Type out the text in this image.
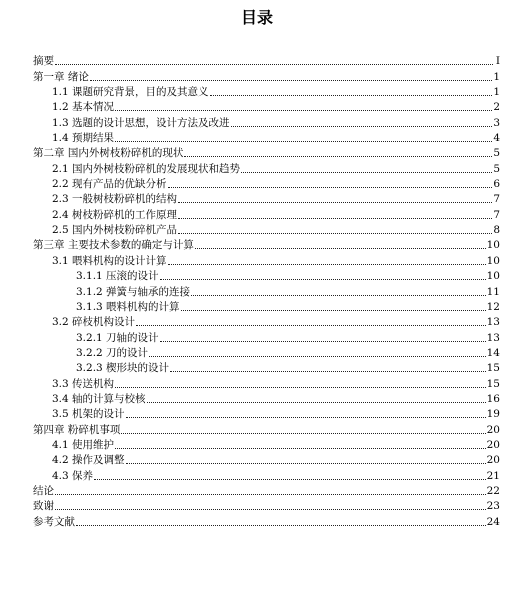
目录
摘要	I
第一章 绪论	1
1.1 课题研究背景，目的及其意义	1
1.2 基本情况	2
1.3 选题的设计思想，设计方法及改进	3
1.4 预期结果	4
第二章 国内外树枝粉碎机的现状	5
2.1 国内外树枝粉碎机的发展现状和趋势	5
2.2 现有产品的优缺分析	6
2.3 一般树枝粉碎机的结构	7
2.4 树枝粉碎机的工作原理	7
2.5 国内外树枝粉碎机产品	8
第三章 主要技术参数的确定与计算	10
3.1 喂料机构的设计计算	10
3.1.1 压滚的设计	10
3.1.2 弹簧与轴承的连接	11
3.1.3 喂料机构的计算	12
3.2 碎枝机构设计	13
3.2.1 刀轴的设计	13
3.2.2 刀的设计	14
3.2.3 楔形块的设计	15
3.3 传送机构	15
3.4 轴的计算与校核	16
3.5 机架的设计	19
第四章 粉碎机事项	20
4.1 使用维护	20
4.2 操作及调整	20
4.3 保养	21
结论	22
致谢	23
参考文献	24
